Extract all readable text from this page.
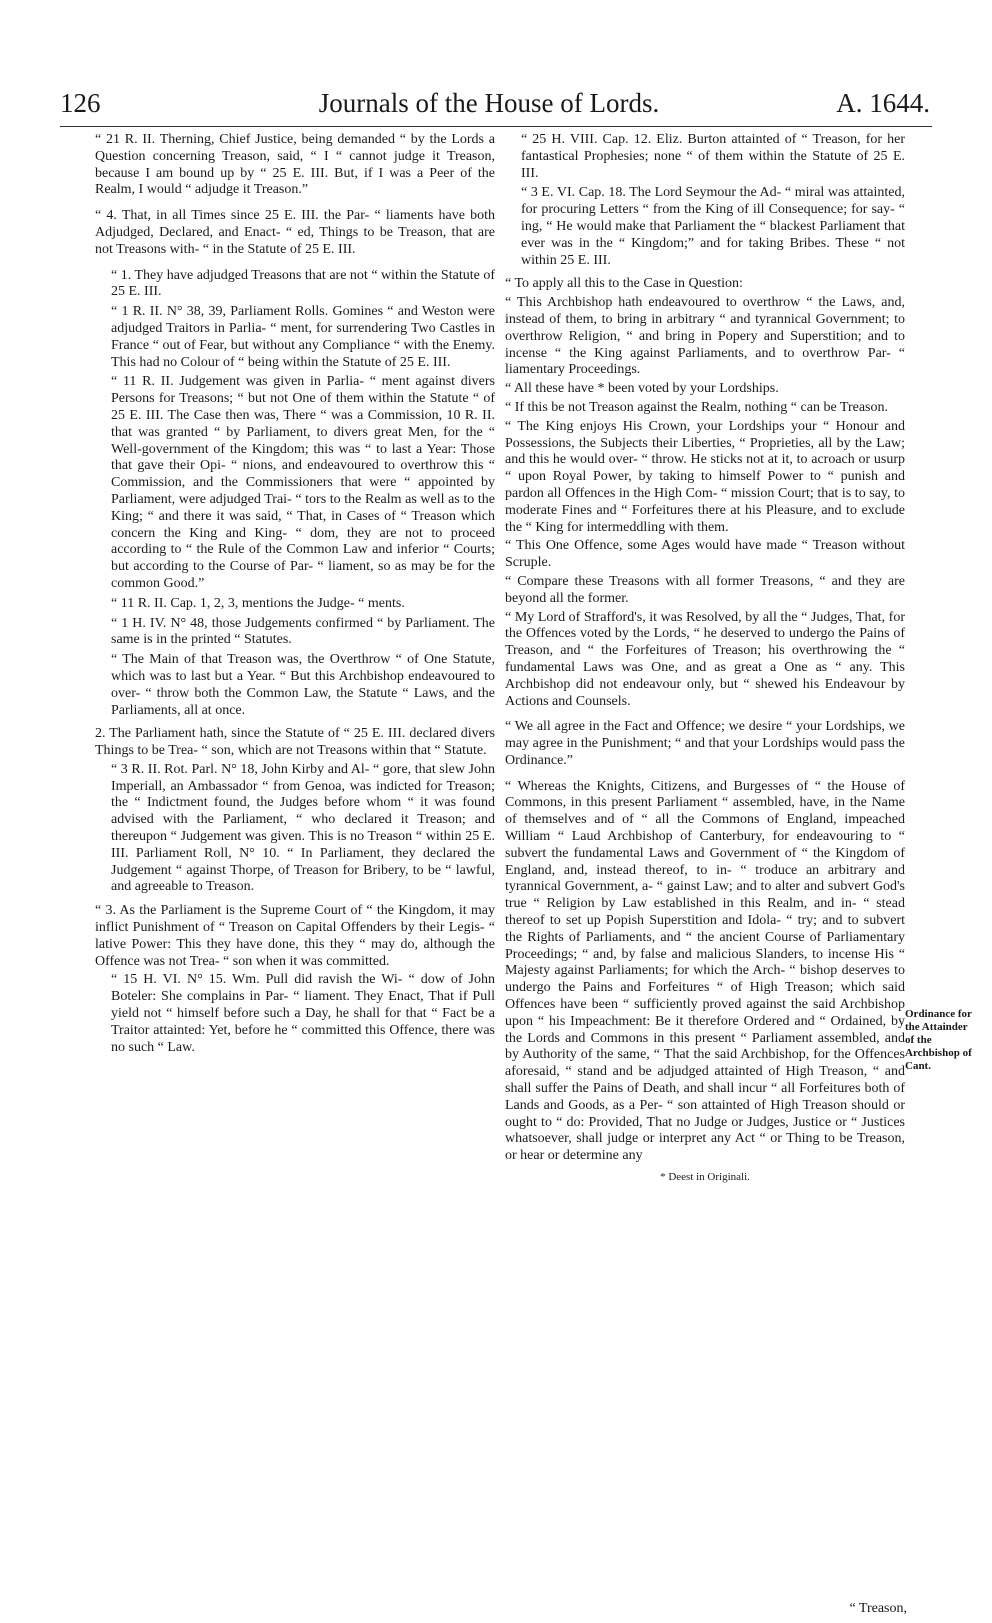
126	Journals of the House of Lords.	A. 1644.

“ 21 R. II. Therning, Chief Justice, being demanded “ by the Lords a Question concerning Treason, said, “ I “ cannot judge it Treason, because I am bound up by “ 25 E. III. But, if I was a Peer of the Realm, I would “ adjudge it Treason.”

“ 4. That, in all Times since 25 E. III. the Par- “ liaments have both Adjudged, Declared, and Enact- “ ed, Things to be Treason, that are not Treasons with- “ in the Statute of 25 E. III.

“ 1. They have adjudged Treasons that are not “ within the Statute of 25 E. III.

“ 1 R. II. N° 38, 39, Parliament Rolls. Gomines “ and Weston were adjudged Traitors in Parlia- “ ment, for surrendering Two Castles in France “ out of Fear, but without any Compliance “ with the Enemy. This had no Colour of “ being within the Statute of 25 E. III.

“ 11 R. II. Judgement was given in Parlia- “ ment against divers Persons for Treasons; “ but not One of them within the Statute “ of 25 E. III. The Case then was, There “ was a Commission, 10 R. II. that was granted “ by Parliament, to divers great Men, for the “ Well-government of the Kingdom; this was “ to last a Year: Those that gave their Opi- “ nions, and endeavoured to overthrow this “ Commission, and the Commissioners that were “ appointed by Parliament, were adjudged Trai- “ tors to the Realm as well as to the King; “ and there it was said, “ That, in Cases of “ Treason which concern the King and King- “ dom, they are not to proceed according to “ the Rule of the Common Law and inferior “ Courts; but according to the Course of Par- “ liament, so as may be for the common Good.”

“ 11 R. II. Cap. 1, 2, 3, mentions the Judge- “ ments.

“ 1 H. IV. N° 48, those Judgements confirmed “ by Parliament. The same is in the printed “ Statutes.

“ The Main of that Treason was, the Overthrow “ of One Statute, which was to last but a Year. “ But this Archbishop endeavoured to over- “ throw both the Common Law, the Statute “ Laws, and the Parliaments, all at once.

2. The Parliament hath, since the Statute of “ 25 E. III. declared divers Things to be Trea- “ son, which are not Treasons within that “ Statute.

“ 3 R. II. Rot. Parl. N° 18, John Kirby and Al- “ gore, that slew John Imperiall, an Ambassador “ from Genoa, was indicted for Treason; the “ Indictment found, the Judges before whom “ it was found advised with the Parliament, “ who declared it Treason; and thereupon “ Judgement was given. This is no Treason “ within 25 E. III. Parliament Roll, N° 10. “ In Parliament, they declared the Judgement “ against Thorpe, of Treason for Bribery, to be “ lawful, and agreeable to Treason.

“ 3. As the Parliament is the Supreme Court of “ the Kingdom, it may inflict Punishment of “ Treason on Capital Offenders by their Legis- “ lative Power: This they have done, this they “ may do, although the Offence was not Trea- “ son when it was committed.

“ 15 H. VI. N° 15. Wm. Pull did ravish the Wi- “ dow of John Boteler: She complains in Par- “ liament. They Enact, That if Pull yield not “ himself before such a Day, he shall for that “ Fact be a Traitor attainted: Yet, before he “ committed this Offence, there was no such “ Law.

“ 25 H. VIII. Cap. 12. Eliz. Burton attainted of “ Treason, for her fantastical Prophesies; none “ of them within the Statute of 25 E. III.

“ 3 E. VI. Cap. 18. The Lord Seymour the Ad- “ miral was attainted, for procuring Letters “ from the King of ill Consequence; for say- “ ing, “ He would make that Parliament the “ blackest Parliament that ever was in the “ Kingdom;” and for taking Bribes. These “ not within 25 E. III.

“ To apply all this to the Case in Question:

“ This Archbishop hath endeavoured to overthrow “ the Laws, and, instead of them, to bring in arbitrary “ and tyrannical Government; to overthrow Religion, “ and bring in Popery and Superstition; and to incense “ the King against Parliaments, and to overthrow Par- “ liamentary Proceedings.

“ All these have * been voted by your Lordships.

“ If this be not Treason against the Realm, nothing “ can be Treason.

“ The King enjoys His Crown, your Lordships your “ Honour and Possessions, the Subjects their Liberties, “ Proprieties, all by the Law; and this he would over- “ throw. He sticks not at it, to acroach or usurp “ upon Royal Power, by taking to himself Power to “ punish and pardon all Offences in the High Com- “ mission Court; that is to say, to moderate Fines and “ Forfeitures there at his Pleasure, and to exclude the “ King for intermeddling with them.

“ This One Offence, some Ages would have made “ Treason without Scruple.

“ Compare these Treasons with all former Treasons, “ and they are beyond all the former.

“ My Lord of Strafford's, it was Resolved, by all the “ Judges, That, for the Offences voted by the Lords, “ he deserved to undergo the Pains of Treason, and “ the Forfeitures of Treason; his overthrowing the “ fundamental Laws was One, and as great a One as “ any. This Archbishop did not endeavour only, but “ shewed his Endeavour by Actions and Counsels.

“ We all agree in the Fact and Offence; we desire “ your Lordships, we may agree in the Punishment; “ and that your Lordships would pass the Ordinance.”

“ Whereas the Knights, Citizens, and Burgesses of “ the House of Commons, in this present Parliament “ assembled, have, in the Name of themselves and of “ all the Commons of England, impeached William “ Laud Archbishop of Canterbury, for endeavouring to “ subvert the fundamental Laws and Government of “ the Kingdom of England, and, instead thereof, to in- “ troduce an arbitrary and tyrannical Government, a- “ gainst Law; and to alter and subvert God's true “ Religion by Law established in this Realm, and in- “ stead thereof to set up Popish Superstition and Idola- “ try; and to subvert the Rights of Parliaments, and “ the ancient Course of Parliamentary Proceedings; “ and, by false and malicious Slanders, to incense His “ Majesty against Parliaments; for which the Arch- “ bishop deserves to undergo the Pains and Forfeitures “ of High Treason; which said Offences have been “ sufficiently proved against the said Archbishop upon “ his Impeachment: Be it therefore Ordered and “ Ordained, by the Lords and Commons in this present “ Parliament assembled, and by Authority of the same, “ That the said Archbishop, for the Offences aforesaid, “ stand and be adjudged attainted of High Treason, “ and shall suffer the Pains of Death, and shall incur “ all Forfeitures both of Lands and Goods, as a Per- “ son attainted of High Treason should or ought to “ do: Provided, That no Judge or Judges, Justice or “ Justices whatsoever, shall judge or interpret any Act “ or Thing to be Treason, or hear or determine any

* Deest in Originali.

Ordinance for the Attainder of the Archbishop of Cant.
“ Treason,
